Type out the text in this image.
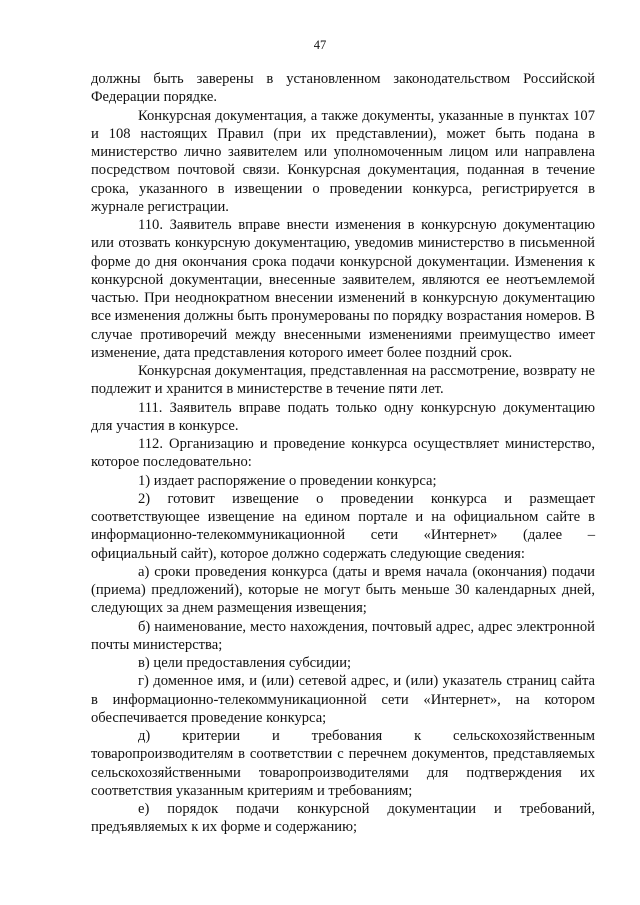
47

должны быть заверены в установленном законодательством Российской Федерации порядке.

Конкурсная документация, а также документы, указанные в пунктах 107 и 108 настоящих Правил (при их представлении), может быть подана в министерство лично заявителем или уполномоченным лицом или направлена посредством почтовой связи. Конкурсная документация, поданная в течение срока, указанного в извещении о проведении конкурса, регистрируется в журнале регистрации.

110. Заявитель вправе внести изменения в конкурсную документацию или отозвать конкурсную документацию, уведомив министерство в письменной форме до дня окончания срока подачи конкурсной документации. Изменения к конкурсной документации, внесенные заявителем, являются ее неотъемлемой частью. При неоднократном внесении изменений в конкурсную документацию все изменения должны быть пронумерованы по порядку возрастания номеров. В случае противоречий между внесенными изменениями преимущество имеет изменение, дата представления которого имеет более поздний срок.

Конкурсная документация, представленная на рассмотрение, возврату не подлежит и хранится в министерстве в течение пяти лет.

111. Заявитель вправе подать только одну конкурсную документацию для участия в конкурсе.

112. Организацию и проведение конкурса осуществляет министерство, которое последовательно:

1) издает распоряжение о проведении конкурса;

2) готовит извещение о проведении конкурса и размещает соответствующее извещение на едином портале и на официальном сайте в информационно-телекоммуникационной сети «Интернет» (далее – официальный сайт), которое должно содержать следующие сведения:

а) сроки проведения конкурса (даты и время начала (окончания) подачи (приема) предложений), которые не могут быть меньше 30 календарных дней, следующих за днем размещения извещения;

б) наименование, место нахождения, почтовый адрес, адрес электронной почты министерства;

в) цели предоставления субсидии;

г) доменное имя, и (или) сетевой адрес, и (или) указатель страниц сайта в информационно-телекоммуникационной сети «Интернет», на котором обеспечивается проведение конкурса;

д) критерии и требования к сельскохозяйственным товаропроизводителям в соответствии с перечнем документов, представляемых сельскохозяйственными товаропроизводителями для подтверждения их соответствия указанным критериям и требованиям;

е) порядок подачи конкурсной документации и требований, предъявляемых к их форме и содержанию;
